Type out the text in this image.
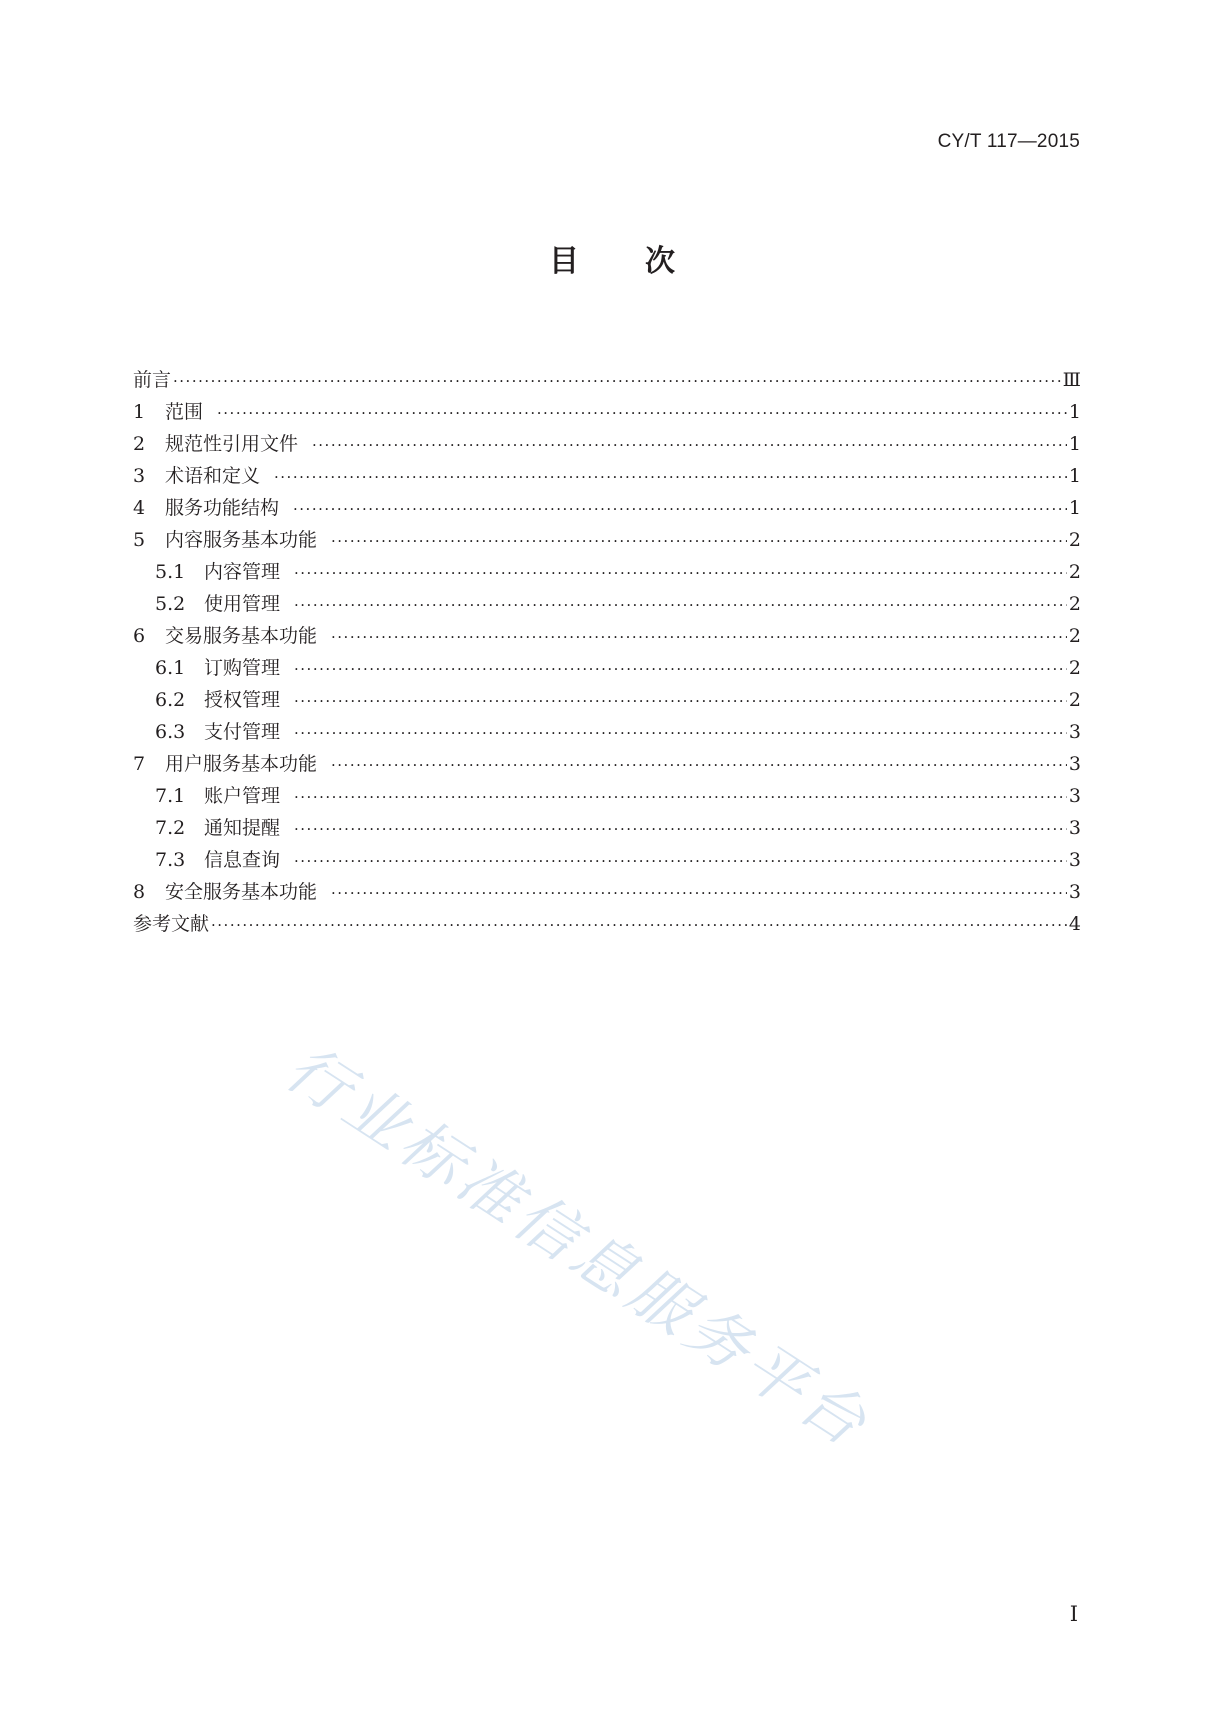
CY/T 117—2015
目 次
前言 ·····	Ⅲ
1	范围 ·····	1
2	规范性引用文件 ·····	1
3	术语和定义 ·····	1
4	服务功能结构 ·····	1
5	内容服务基本功能 ·····	2
5.1 内容管理 ·····	2
5.2 使用管理 ·····	2
6	交易服务基本功能 ·····	2
6.1 订购管理 ·····	2
6.2 授权管理 ·····	2
6.3 支付管理 ·····	3
7	用户服务基本功能 ·····	3
7.1 账户管理 ·····	3
7.2 通知提醒 ·····	3
7.3 信息查询 ·····	3
8	安全服务基本功能 ·····	3
参考文献 ·····	4
行业标准信息服务平台
I
